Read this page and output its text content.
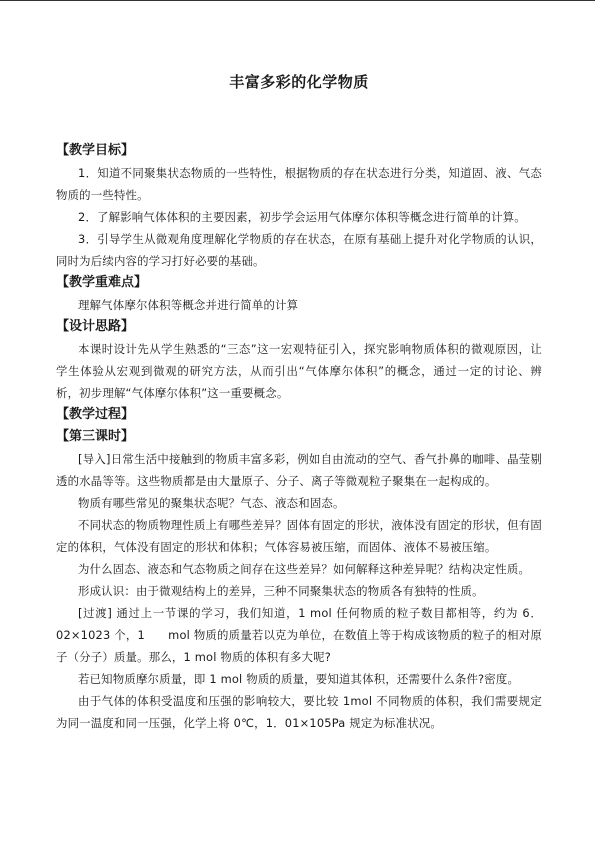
丰富多彩的化学物质
【教学目标】

1．知道不同聚集状态物质的一些特性，根据物质的存在状态进行分类，知道固、液、气态物质的一些特性。

2．了解影响气体体积的主要因素，初步学会运用气体摩尔体积等概念进行简单的计算。

3．引导学生从微观角度理解化学物质的存在状态，在原有基础上提升对化学物质的认识，同时为后续内容的学习打好必要的基础。

【教学重难点】

理解气体摩尔体积等概念并进行简单的计算

【设计思路】

本课时设计先从学生熟悉的“三态”这一宏观特征引入，探究影响物质体积的微观原因，让学生体验从宏观到微观的研究方法，从而引出“气体摩尔体积”的概念，通过一定的讨论、辨析，初步理解“气体摩尔体积”这一重要概念。

【教学过程】
【第三课时】

[导入]日常生活中接触到的物质丰富多彩，例如自由流动的空气、香气扑鼻的咖啡、晶莹剔透的水晶等等。这些物质都是由大量原子、分子、离子等微观粒子聚集在一起构成的。

物质有哪些常见的聚集状态呢？气态、液态和固态。

不同状态的物质物理性质上有哪些差异？固体有固定的形状，液体没有固定的形状，但有固定的体积，气体没有固定的形状和体积；气体容易被压缩，而固体、液体不易被压缩。

为什么固态、液态和气态物质之间存在这些差异？如何解释这种差异呢？结构决定性质。

形成认识：由于微观结构上的差异，三种不同聚集状态的物质各有独特的性质。

[过渡] 通过上一节课的学习，我们知道，1 mol 任何物质的粒子数目都相等，约为 6．02×1023 个，1　　mol 物质的质量若以克为单位，在数值上等于构成该物质的粒子的相对原子（分子）质量。那么，1 mol 物质的体积有多大呢?

若已知物质摩尔质量，即 1 mol 物质的质量，要知道其体积，还需要什么条件?密度。

由于气体的体积受温度和压强的影响较大，要比较 1mol 不同物质的体积，我们需要规定为同一温度和同一压强，化学上将 0℃，1．01×105Pa 规定为标准状况。
